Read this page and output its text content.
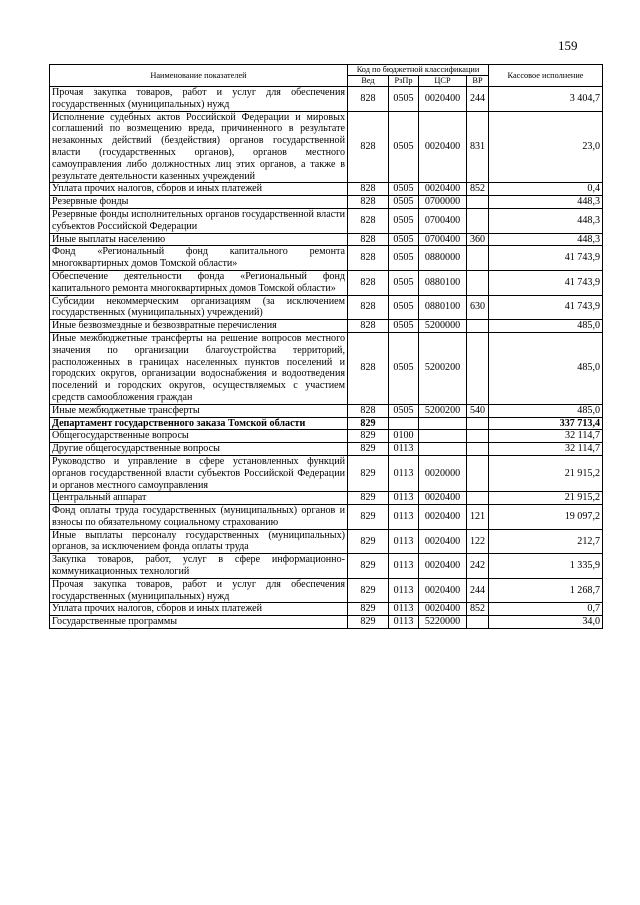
159
Наименование показателей	Код по бюджетной классификации				Кассовое исполнение
	Вед	РзПр	ЦСР	ВР	
Прочая закупка товаров, работ и услуг для обеспечения государственных (муниципальных) нужд	828	0505	0020400	244	3 404,7
Исполнение судебных актов Российской Федерации и мировых соглашений по возмещению вреда, причиненного в результате незаконных действий (бездействия) органов государственной власти (государственных органов), органов местного самоуправления либо должностных лиц этих органов, а также в результате деятельности казенных учреждений	828	0505	0020400	831	23,0
Уплата прочих налогов, сборов и иных платежей	828	0505	0020400	852	0,4
Резервные фонды	828	0505	0700000		448,3
Резервные фонды исполнительных органов государственной власти субъектов Российской Федерации	828	0505	0700400		448,3
Иные выплаты населению	828	0505	0700400	360	448,3
Фонд «Региональный фонд капитального ремонта многоквартирных домов Томской области»	828	0505	0880000		41 743,9
Обеспечение деятельности фонда «Региональный фонд капитального ремонта многоквартирных домов Томской области»	828	0505	0880100		41 743,9
Субсидии некоммерческим организациям (за исключением государственных (муниципальных) учреждений)	828	0505	0880100	630	41 743,9
Иные безвозмездные и безвозвратные перечисления	828	0505	5200000		485,0
Иные межбюджетные трансферты на решение вопросов местного значения по организации благоустройства территорий, расположенных в границах населенных пунктов поселений и городских округов, организации водоснабжения и водоотведения поселений и городских округов, осуществляемых с участием средств самообложения граждан	828	0505	5200200		485,0
Иные межбюджетные трансферты	828	0505	5200200	540	485,0
Департамент государственного заказа Томской области	829				337 713,4
Общегосударственные вопросы	829	0100			32 114,7
Другие общегосударственные вопросы	829	0113			32 114,7
Руководство и управление в сфере установленных функций органов государственной власти субъектов Российской Федерации и органов местного самоуправления	829	0113	0020000		21 915,2
Центральный аппарат	829	0113	0020400		21 915,2
Фонд оплаты труда государственных (муниципальных) органов и взносы по обязательному социальному страхованию	829	0113	0020400	121	19 097,2
Иные выплаты персоналу государственных (муниципальных) органов, за исключением фонда оплаты труда	829	0113	0020400	122	212,7
Закупка товаров, работ, услуг в сфере информационно-коммуникационных технологий	829	0113	0020400	242	1 335,9
Прочая закупка товаров, работ и услуг для обеспечения государственных (муниципальных) нужд	829	0113	0020400	244	1 268,7
Уплата прочих налогов, сборов и иных платежей	829	0113	0020400	852	0,7
Государственные программы	829	0113	5220000		34,0
